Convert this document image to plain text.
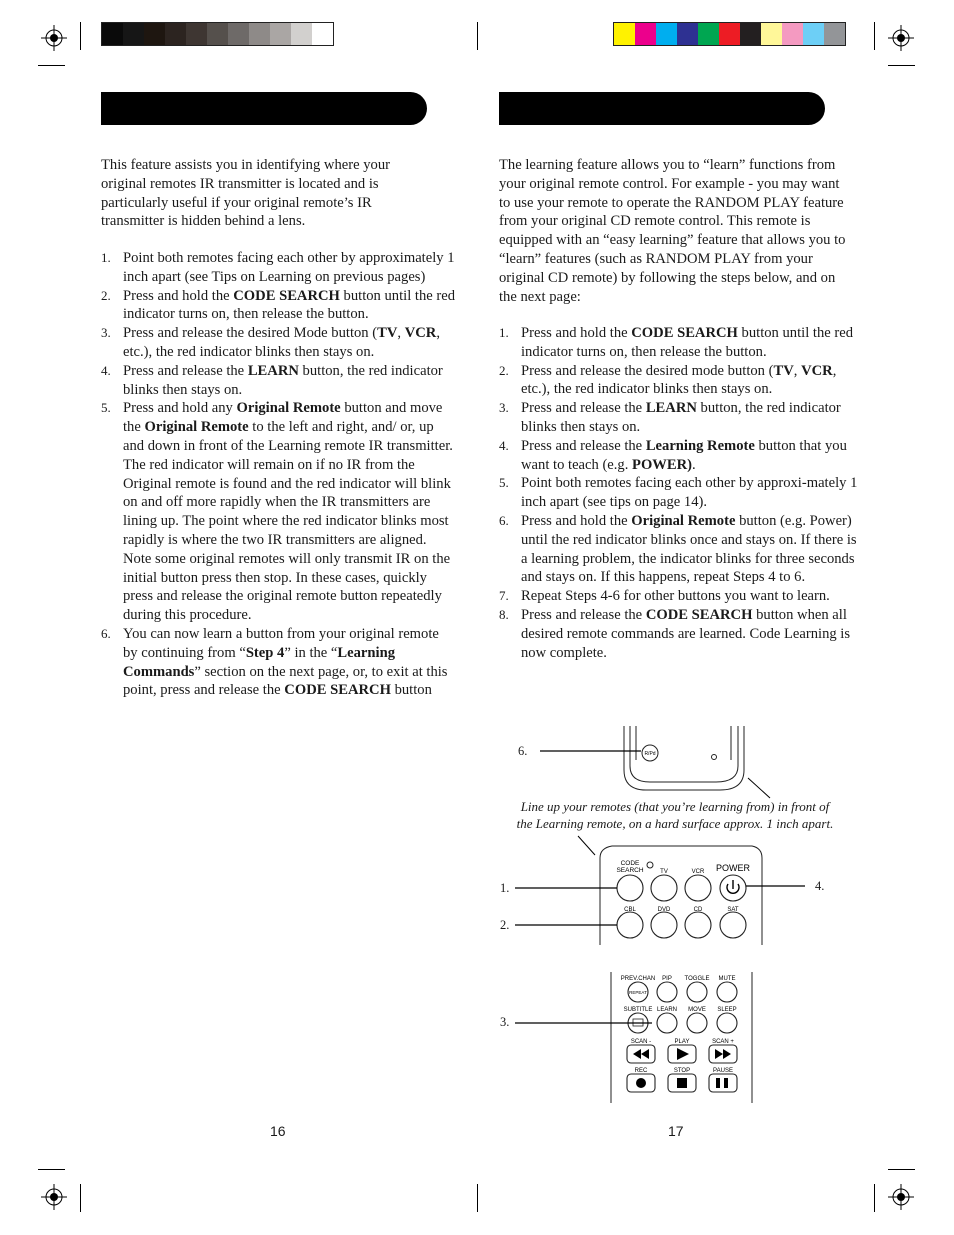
This feature assists you in identifying where your original remotes IR transmitter is located and is particularly useful if your original remote’s IR transmitter is hidden behind a lens.
1. Point both remotes facing each other by approximately 1 inch apart (see Tips on Learning on previous pages)
2. Press and hold the CODE SEARCH button until the red indicator turns on, then release the button.
3. Press and release the desired Mode button (TV, VCR, etc.), the red indicator blinks then stays on.
4. Press and release the LEARN button, the red indicator blinks then stays on.
5. Press and hold any Original Remote button and move the Original Remote to the left and right, and/ or, up and down in front of the Learning remote IR transmitter. The red indicator will remain on if no IR from the Original remote is found and the red indicator will blink on and off more rapidly when the IR transmitters are lining up. The point where the red indicator blinks most rapidly is where the two IR transmitters are aligned. Note some original remotes will only transmit IR on the initial button press then stop. In these cases, quickly press and release the original remote button repeatedly during this procedure.
6. You can now learn a button from your original remote by continuing from “Step 4” in the “Learning Commands” section on the next page, or, to exit at this point, press and release the CODE SEARCH button
16
The learning feature allows you to “learn” functions from your original remote control. For example - you may want to use your remote to operate the RANDOM PLAY feature from your original CD remote control. This remote is equipped with an “easy learning” feature that allows you to “learn” features (such as RANDOM PLAY from your original CD remote) by following the steps below, and on the next page:
1. Press and hold the CODE SEARCH button until the red indicator turns on, then release the button.
2. Press and release the desired mode button (TV, VCR, etc.), the red indicator blinks then stays on.
3. Press and release the LEARN button, the red indicator blinks then stays on.
4. Press and release the Learning Remote button that you want to teach (e.g. POWER).
5. Point both remotes facing each other by approxi-mately 1 inch apart (see tips on page 14).
6. Press and hold the Original Remote button (e.g. Power) until the red indicator blinks once and stays on. If there is a learning problem, the indicator blinks for three seconds and stays on. If this happens, repeat Steps 4 to 6.
7. Repeat Steps 4-6 for other buttons you want to learn.
8. Press and release the CODE SEARCH button when all desired remote commands are learned. Code Learning is now complete.
17
6.
1.
2.
3.
4.
Line up your remotes (that you’re learning from) in front of
the Learning remote, on a hard surface approx. 1 inch apart.
R/Pd
CODE
SEARCH	TV	VCR POWER
CBL	DVD	CD	SAT
REPEAT
PREV.CHAN PIP TOGGLE MUTE
SUBTITLE LEARN MOVE SLEEP
SCAN -	PLAY	SCAN +
REC	STOP	PAUSE
